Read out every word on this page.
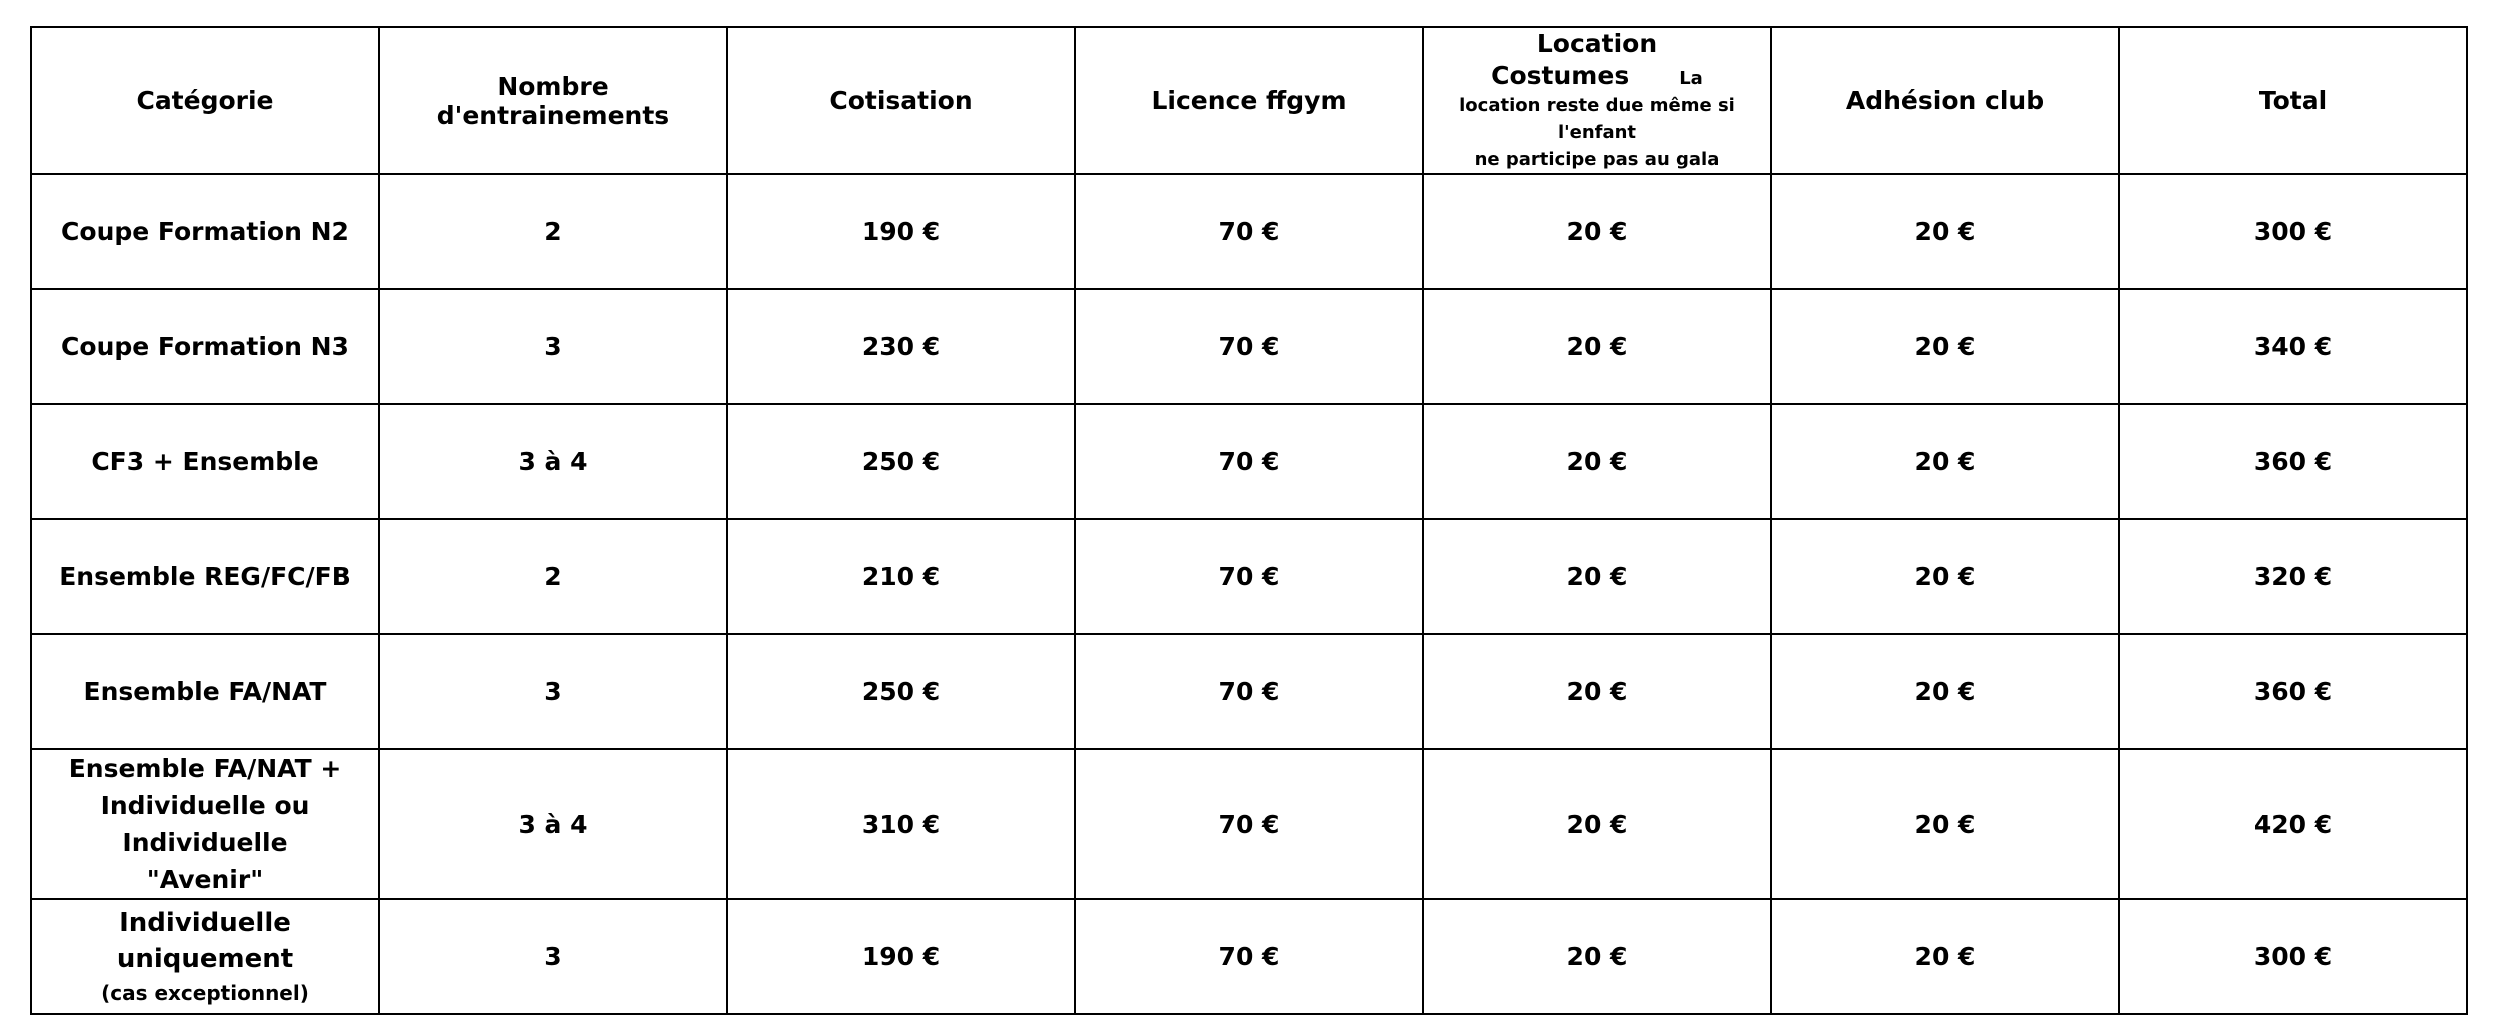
Catégorie	Nombre d'entrainements	Cotisation	Licence ffgym	Location Costumes La
location reste due même si l'enfant
ne participe pas au gala	Adhésion club	Total
Coupe Formation N2	2	190 €	70 €	20 €	20 €	300 €
Coupe Formation N3	3	230 €	70 €	20 €	20 €	340 €
CF3 + Ensemble	3 à 4	250 €	70 €	20 €	20 €	360 €
Ensemble REG/FC/FB	2	210 €	70 €	20 €	20 €	320 €
Ensemble FA/NAT	3	250 €	70 €	20 €	20 €	360 €

Ensemble FA/NAT +
Individuelle ou Individuelle
"Avenir"	3 à 4	310 €	70 €	20 €	20 €	420 €

Individuelle uniquement
(cas exceptionnel)	3	190 €	70 €	20 €	20 €	300 €
